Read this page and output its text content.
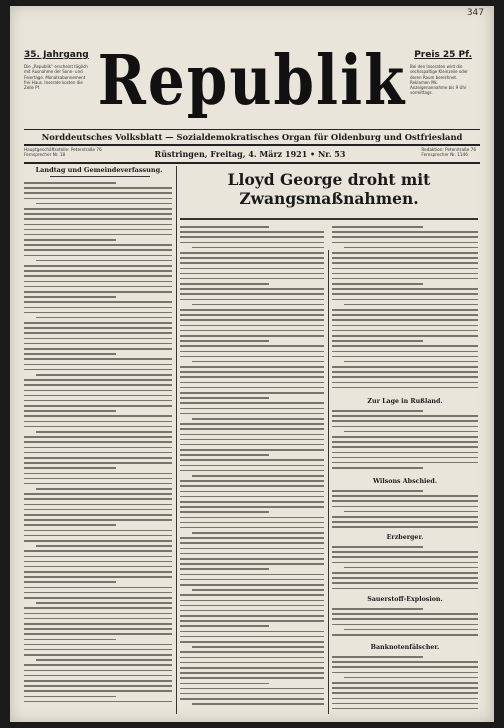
347
35. Jahrgang	Preis 25 Pf.
Die „Republik“ erscheint täglich mit Ausnahme der Sonn- und Feiertage. Monatsabonnement frei Haus. Inserate kosten die Zeile Pf.
Bei den Inseraten wird die sechsspaltige Kleinzeile oder deren Raum berechnet. Reklamen Mk. Anzeigenannahme bis 9 Uhr vormittags.
Republik
Norddeutsches Volksblatt — Sozialdemokratisches Organ für Oldenburg und Ostfriesland
Hauptgeschäftsstelle: Peterstraße 76
Fernsprecher Nr. 18	Rüstringen, Freitag, 4. März 1921 • Nr. 53	Redaktion: Peterstraße 76
Fernsprecher Nr. 1146
Landtag und Gemeindeverfassung.	Lloyd George droht mit Zwangsmaßnahmen.
Zur Lage in Rußland.
Wilsons Abschied.
Erzberger.
Sauerstoff-Explosion.
Banknotenfälscher.
